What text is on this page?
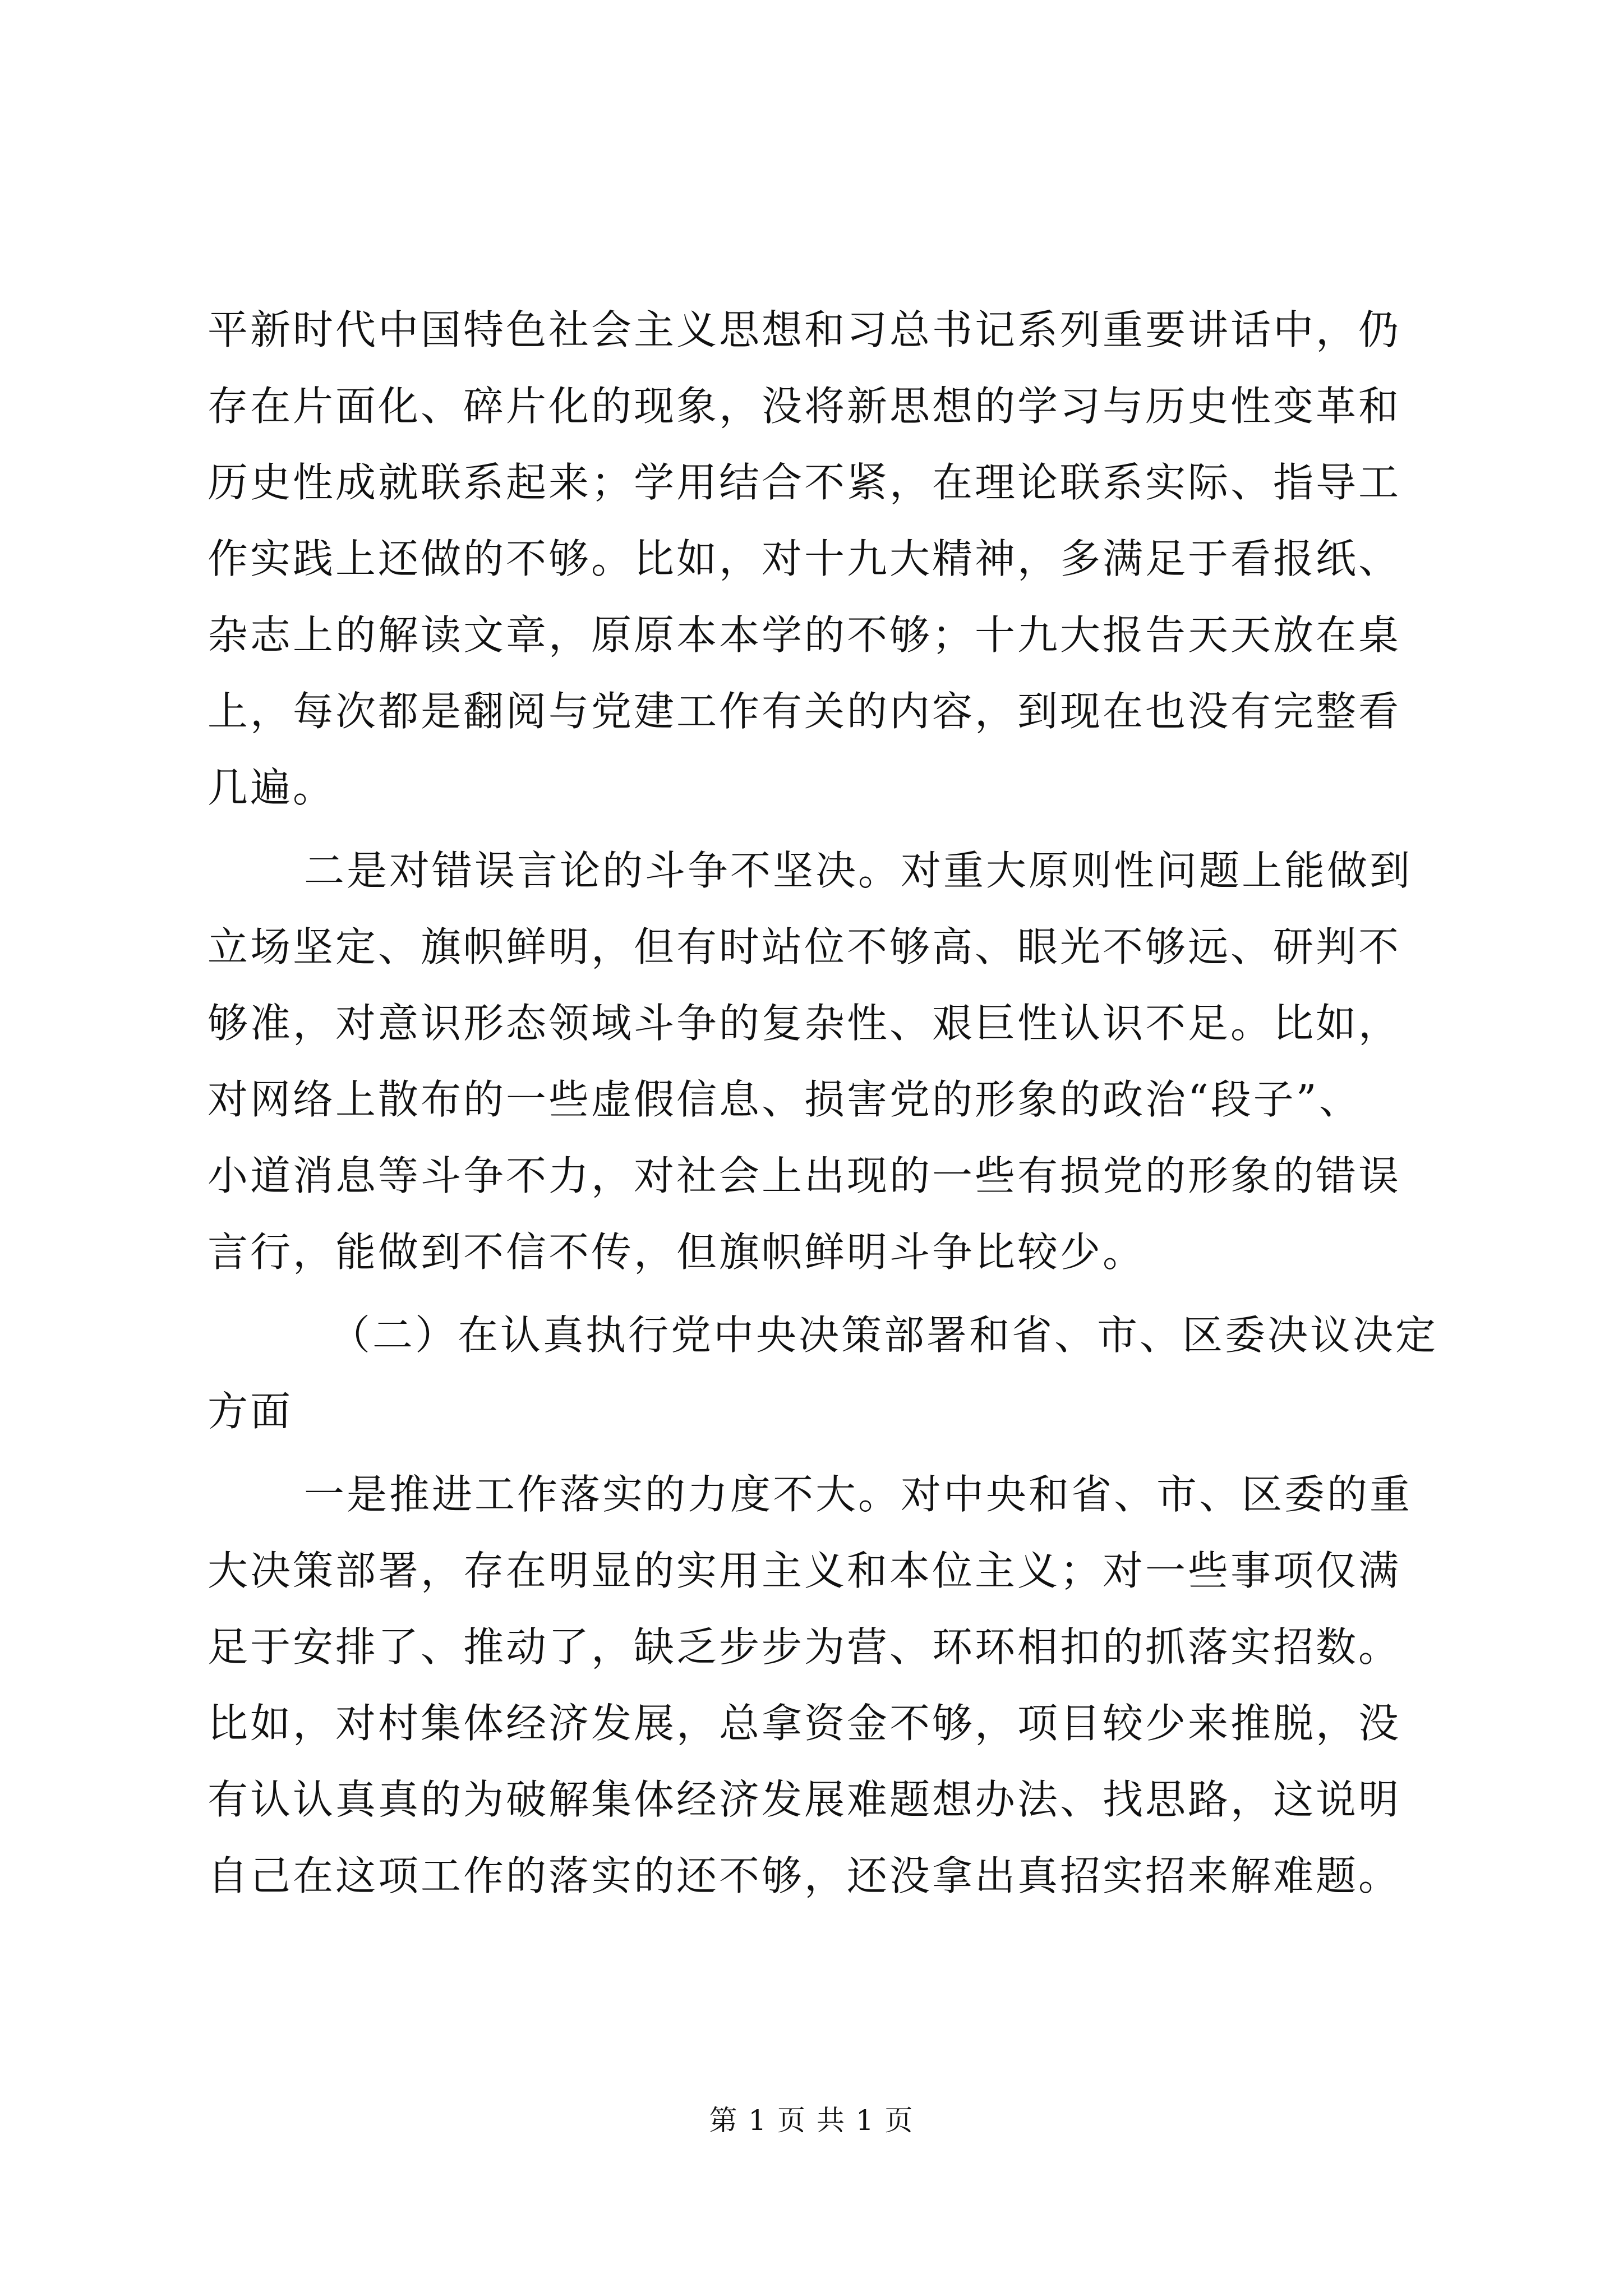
平新时代中国特色社会主义思想和习总书记系列重要讲话中，仍
存在片面化、碎片化的现象，没将新思想的学习与历史性变革和
历史性成就联系起来；学用结合不紧，在理论联系实际、指导工
作实践上还做的不够。比如，对十九大精神，多满足于看报纸、
杂志上的解读文章，原原本本学的不够；十九大报告天天放在桌
上，每次都是翻阅与党建工作有关的内容，到现在也没有完整看
几遍。
二是对错误言论的斗争不坚决。对重大原则性问题上能做到
立场坚定、旗帜鲜明，但有时站位不够高、眼光不够远、研判不
够准，对意识形态领域斗争的复杂性、艰巨性认识不足。比如，
对网络上散布的一些虚假信息、损害党的形象的政治“段子”、
小道消息等斗争不力，对社会上出现的一些有损党的形象的错误
言行，能做到不信不传，但旗帜鲜明斗争比较少。
（二）在认真执行党中央决策部署和省、市、区委决议决定
方面
一是推进工作落实的力度不大。对中央和省、市、区委的重
大决策部署，存在明显的实用主义和本位主义；对一些事项仅满
足于安排了、推动了，缺乏步步为营、环环相扣的抓落实招数。
比如，对村集体经济发展，总拿资金不够，项目较少来推脱，没
有认认真真的为破解集体经济发展难题想办法、找思路，这说明
自己在这项工作的落实的还不够，还没拿出真招实招来解难题。
第 1 页 共 1 页
